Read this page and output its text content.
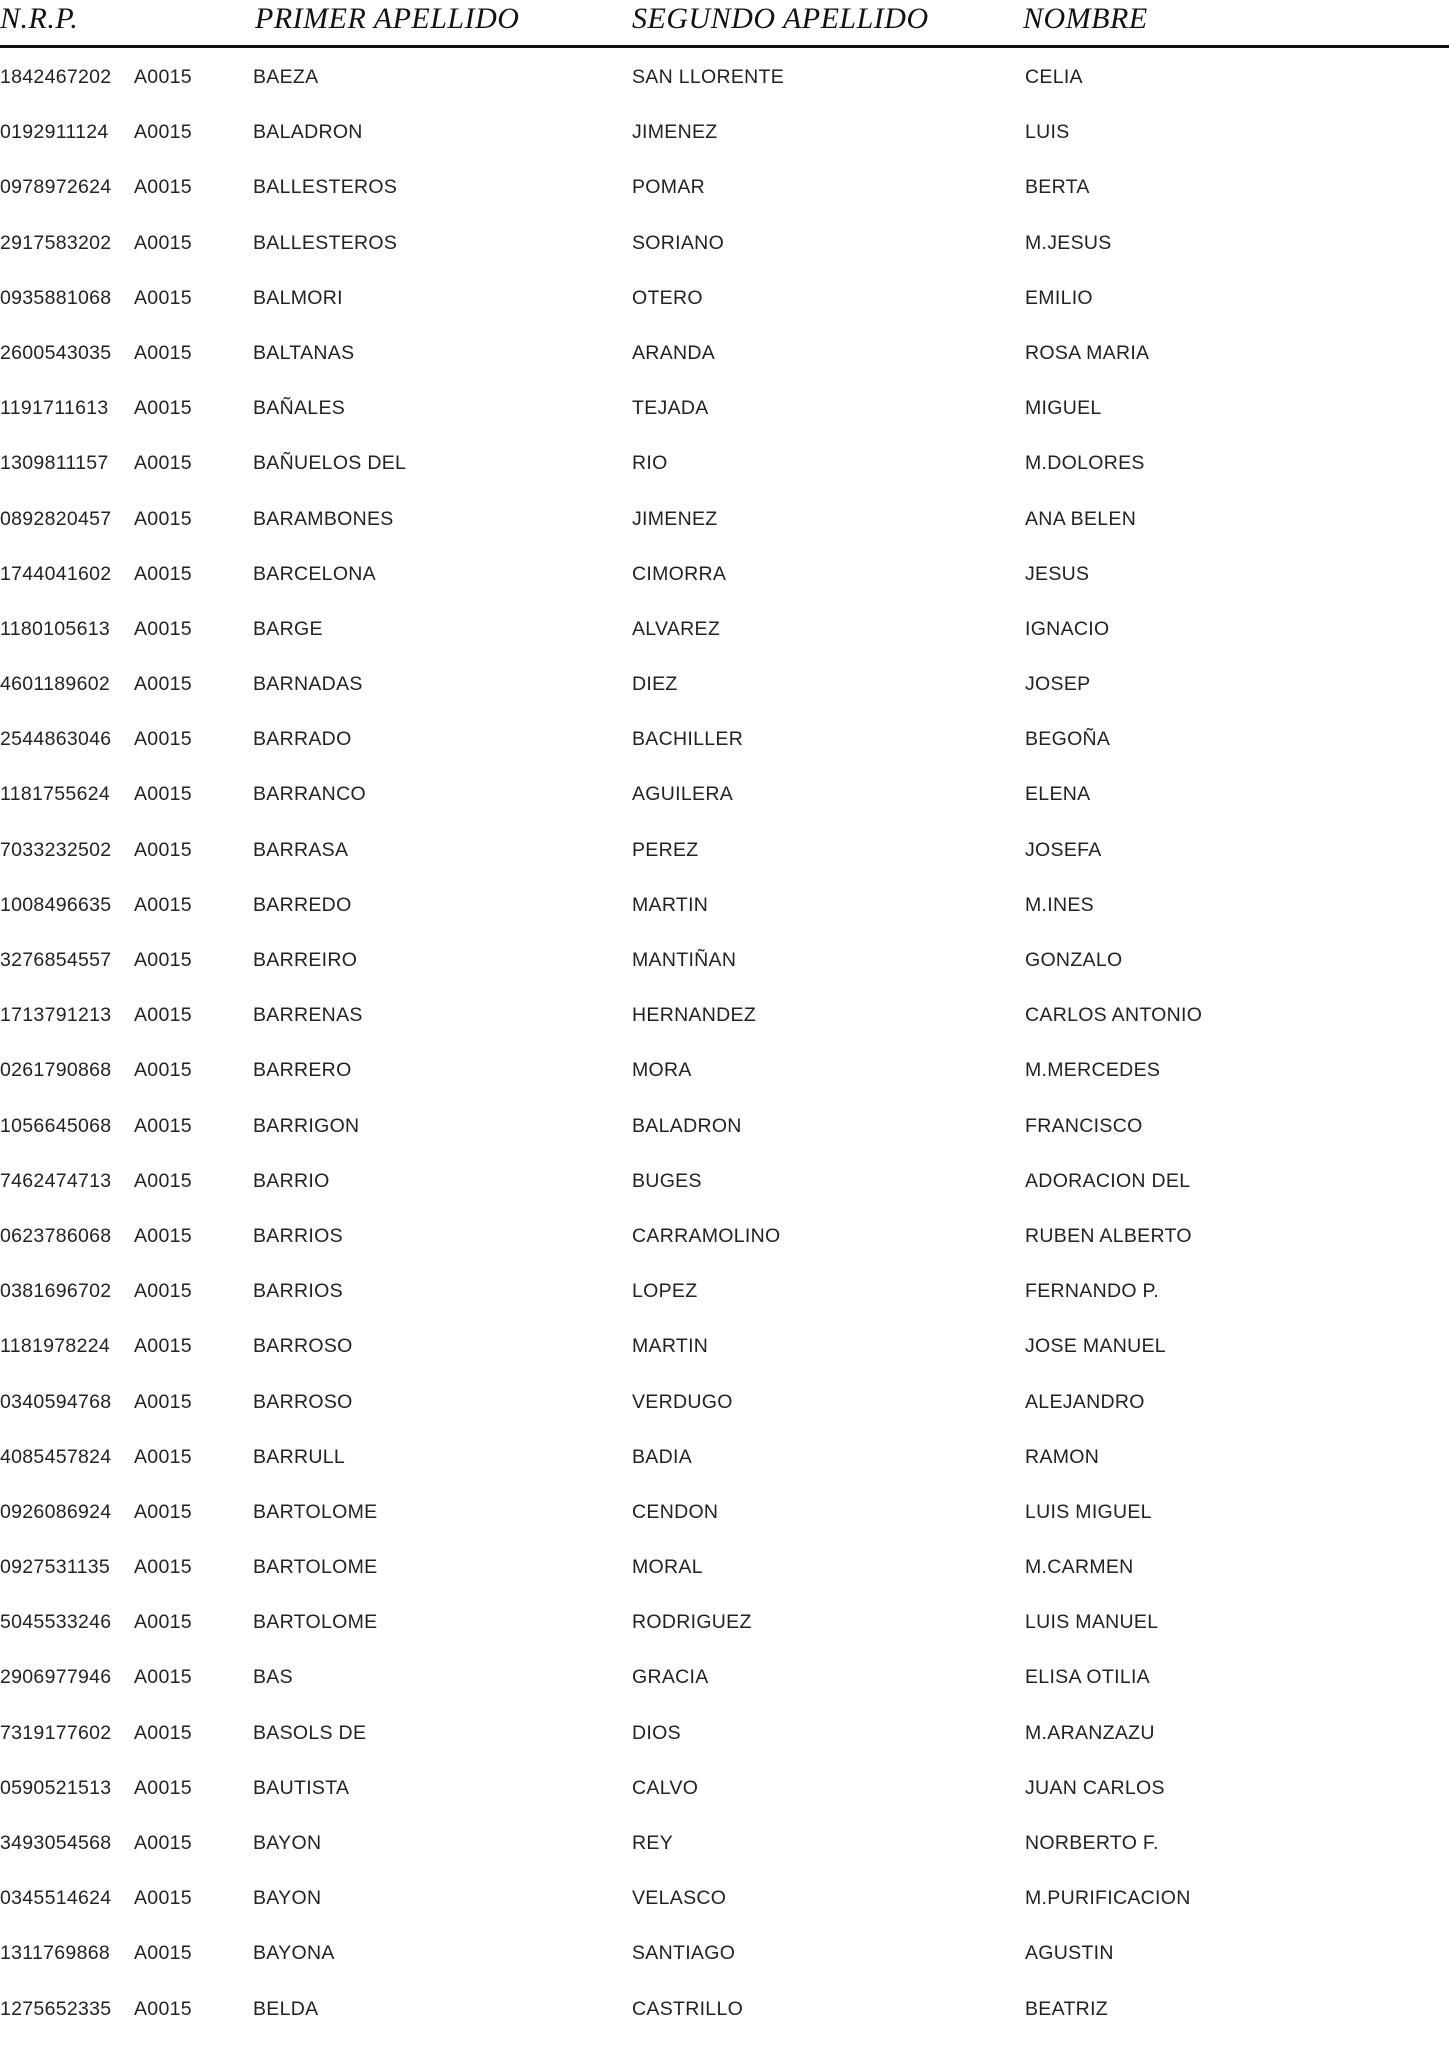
N.R.P.	PRIMER APELLIDO	SEGUNDO APELLIDO	NOMBRE
1842467202 A0015	BAEZA	SAN LLORENTE	CELIA
0192911124 A0015	BALADRON	JIMENEZ	LUIS
0978972624 A0015	BALLESTEROS	POMAR	BERTA
2917583202 A0015	BALLESTEROS	SORIANO	M.JESUS
0935881068 A0015	BALMORI	OTERO	EMILIO
2600543035 A0015	BALTANAS	ARANDA	ROSA MARIA
1191711613 A0015	BAÑALES	TEJADA	MIGUEL
1309811157 A0015	BAÑUELOS DEL	RIO	M.DOLORES
0892820457 A0015	BARAMBONES	JIMENEZ	ANA BELEN
1744041602 A0015	BARCELONA	CIMORRA	JESUS
1180105613 A0015	BARGE	ALVAREZ	IGNACIO
4601189602 A0015	BARNADAS	DIEZ	JOSEP
2544863046 A0015	BARRADO	BACHILLER	BEGOÑA
1181755624 A0015	BARRANCO	AGUILERA	ELENA
7033232502 A0015	BARRASA	PEREZ	JOSEFA
1008496635 A0015	BARREDO	MARTIN	M.INES
3276854557 A0015	BARREIRO	MANTIÑAN	GONZALO
1713791213 A0015	BARRENAS	HERNANDEZ	CARLOS ANTONIO
0261790868 A0015	BARRERO	MORA	M.MERCEDES
1056645068 A0015	BARRIGON	BALADRON	FRANCISCO
7462474713 A0015	BARRIO	BUGES	ADORACION DEL
0623786068 A0015	BARRIOS	CARRAMOLINO	RUBEN ALBERTO
0381696702 A0015	BARRIOS	LOPEZ	FERNANDO P.
1181978224 A0015	BARROSO	MARTIN	JOSE MANUEL
0340594768 A0015	BARROSO	VERDUGO	ALEJANDRO
4085457824 A0015	BARRULL	BADIA	RAMON
0926086924 A0015	BARTOLOME	CENDON	LUIS MIGUEL
0927531135 A0015	BARTOLOME	MORAL	M.CARMEN
5045533246 A0015	BARTOLOME	RODRIGUEZ	LUIS MANUEL
2906977946 A0015	BAS	GRACIA	ELISA OTILIA
7319177602 A0015	BASOLS DE	DIOS	M.ARANZAZU
0590521513 A0015	BAUTISTA	CALVO	JUAN CARLOS
3493054568 A0015	BAYON	REY	NORBERTO F.
0345514624 A0015	BAYON	VELASCO	M.PURIFICACION
1311769868 A0015	BAYONA	SANTIAGO	AGUSTIN
1275652335 A0015	BELDA	CASTRILLO	BEATRIZ
